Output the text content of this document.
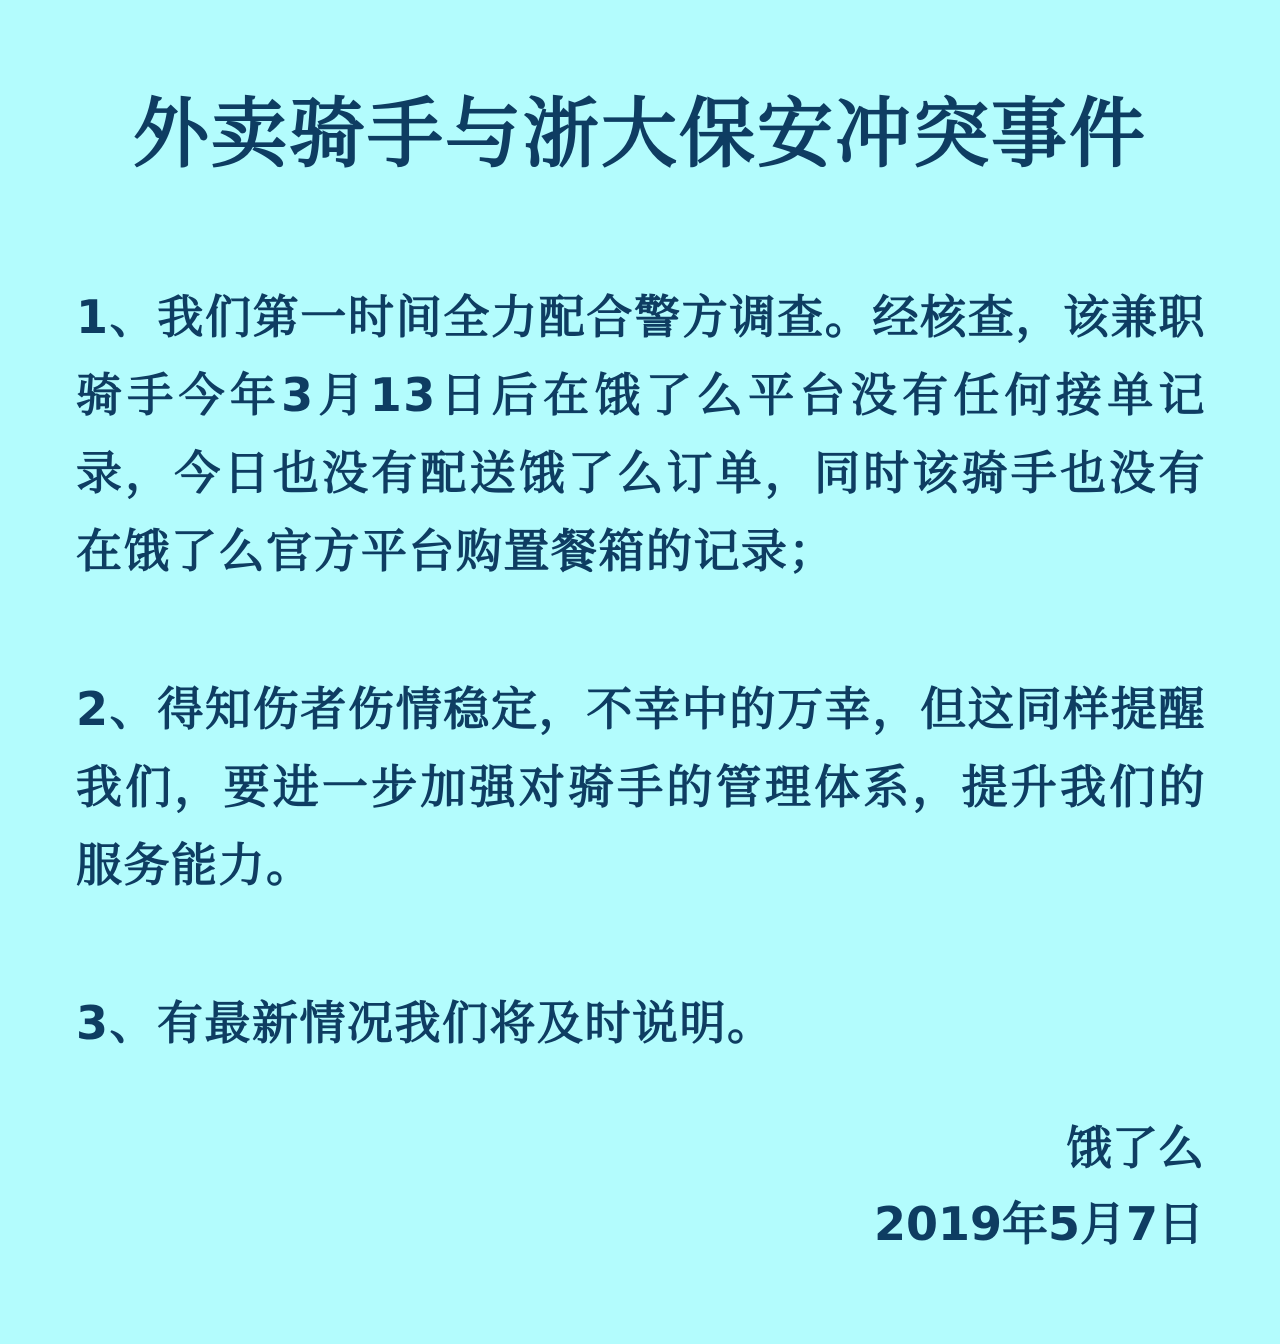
外卖骑手与浙大保安冲突事件

1、我们第一时间全力配合警方调查。经核查，该兼职骑手今年3月13日后在饿了么平台没有任何接单记录，今日也没有配送饿了么订单，同时该骑手也没有在饿了么官方平台购置餐箱的记录；

2、得知伤者伤情稳定，不幸中的万幸，但这同样提醒我们，要进一步加强对骑手的管理体系，提升我们的服务能力。

3、有最新情况我们将及时说明。

饿了么

2019年5月7日
